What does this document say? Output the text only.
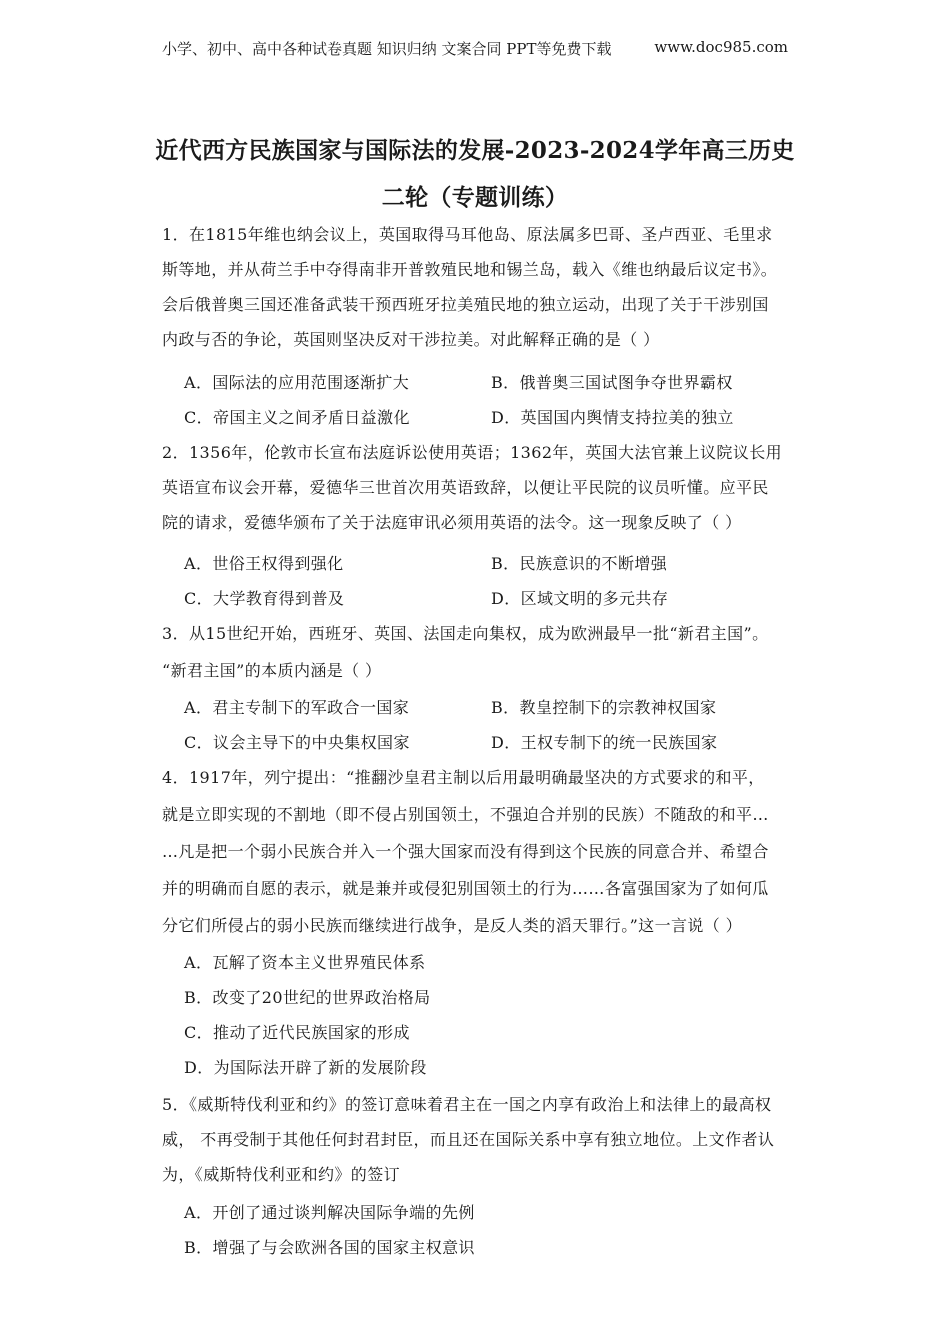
小学、初中、高中各种试卷真题 知识归纳 文案合同 PPT等免费下载	www.doc985.com
近代西方民族国家与国际法的发展-2023-2024学年高三历史
二轮（专题训练）
1．在1815年维也纳会议上，英国取得马耳他岛、原法属多巴哥、圣卢西亚、毛里求
斯等地，并从荷兰手中夺得南非开普敦殖民地和锡兰岛，载入《维也纳最后议定书》。
会后俄普奥三国还准备武装干预西班牙拉美殖民地的独立运动，出现了关于干涉别国
内政与否的争论，英国则坚决反对干涉拉美。对此解释正确的是（ ）
A．国际法的应用范围逐渐扩大	B．俄普奥三国试图争夺世界霸权
C．帝国主义之间矛盾日益激化	D．英国国内舆情支持拉美的独立
2．1356年，伦敦市长宣布法庭诉讼使用英语；1362年，英国大法官兼上议院议长用
英语宣布议会开幕，爱德华三世首次用英语致辞，以便让平民院的议员听懂。应平民
院的请求，爱德华颁布了关于法庭审讯必须用英语的法令。这一现象反映了（ ）
A．世俗王权得到强化	B．民族意识的不断增强
C．大学教育得到普及	D．区域文明的多元共存
3．从15世纪开始，西班牙、英国、法国走向集权，成为欧洲最早一批“新君主国”。
“新君主国”的本质内涵是（ ）
A．君主专制下的军政合一国家	B．教皇控制下的宗教神权国家
C．议会主导下的中央集权国家	D．王权专制下的统一民族国家
4．1917年，列宁提出：“推翻沙皇君主制以后用最明确最坚决的方式要求的和平，
就是立即实现的不割地（即不侵占别国领土，不强迫合并别的民族）不随敌的和平…
…凡是把一个弱小民族合并入一个强大国家而没有得到这个民族的同意合并、希望合
并的明确而自愿的表示，就是兼并或侵犯别国领土的行为……各富强国家为了如何瓜
分它们所侵占的弱小民族而继续进行战争，是反人类的滔天罪行。”这一言说（ ）
A．瓦解了资本主义世界殖民体系
B．改变了20世纪的世界政治格局
C．推动了近代民族国家的形成
D．为国际法开辟了新的发展阶段
5．《威斯特伐利亚和约》的签订意味着君主在一国之内享有政治上和法律上的最高权
威， 不再受制于其他任何封君封臣，而且还在国际关系中享有独立地位。上文作者认
为，《威斯特伐利亚和约》的签订
A．开创了通过谈判解决国际争端的先例
B．增强了与会欧洲各国的国家主权意识
